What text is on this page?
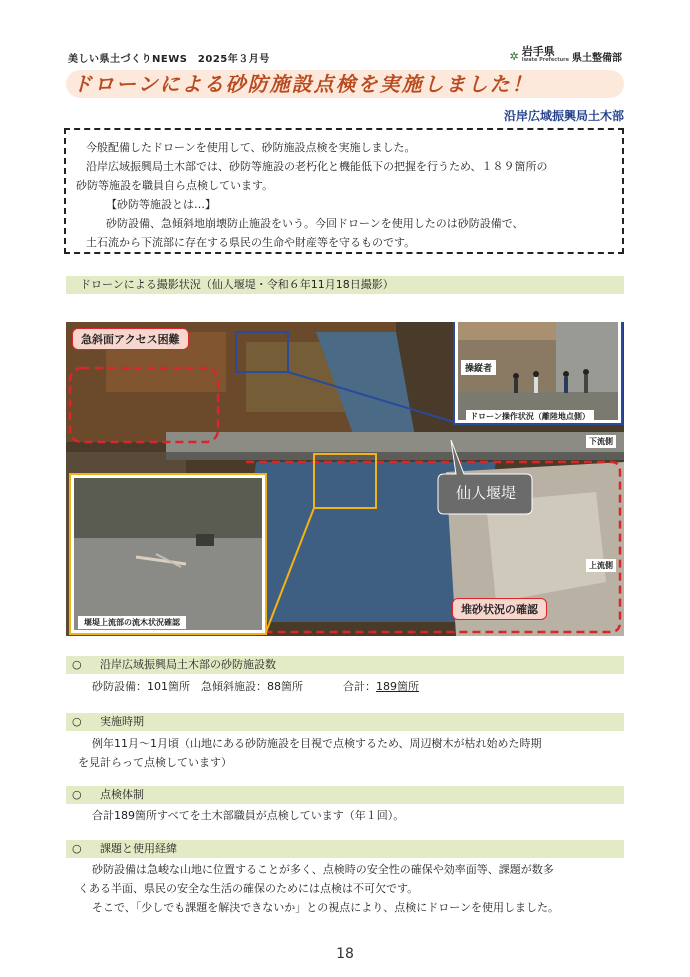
美しい県土づくりNEWS　2025年３月号	✲ 岩手県
Iwate Prefecture 県土整備部
ドローンによる砂防施設点検を実施しました！
沿岸広域振興局土木部

今般配備したドローンを使用して、砂防施設点検を実施しました。

沿岸広域振興局土木部では、砂防等施設の老朽化と機能低下の把握を行うため、１８９箇所の

砂防等施設を職員自ら点検しています。

【砂防等施設とは…】

砂防設備、急傾斜地崩壊防止施設をいう。今回ドローンを使用したのは砂防設備で、

土石流から下流部に存在する県民の生命や財産等を守るものです。

ドローンによる撮影状況（仙人堰堤・令和６年11月18日撮影）
急斜面アクセス困難
操縦者
ドローン操作状況（離陸地点側）
下流側
上流側
仙人堰堤
堰堤上流部の流木状況確認
堆砂状況の確認
○ 沿岸広域振興局土木部の砂防施設数

砂防設備：101箇所　急傾斜施設：88箇所	合計：189箇所

○ 実施時期

例年11月～1月頃（山地にある砂防施設を目視で点検するため、周辺樹木が枯れ始めた時期

を見計らって点検しています）

○ 点検体制

合計189箇所すべてを土木部職員が点検しています（年１回）。

○ 課題と使用経緯

砂防設備は急峻な山地に位置することが多く、点検時の安全性の確保や効率面等、課題が数多

くある半面、県民の安全な生活の確保のためには点検は不可欠です。

そこで、「少しでも課題を解決できないか」との視点により、点検にドローンを使用しました。

18
